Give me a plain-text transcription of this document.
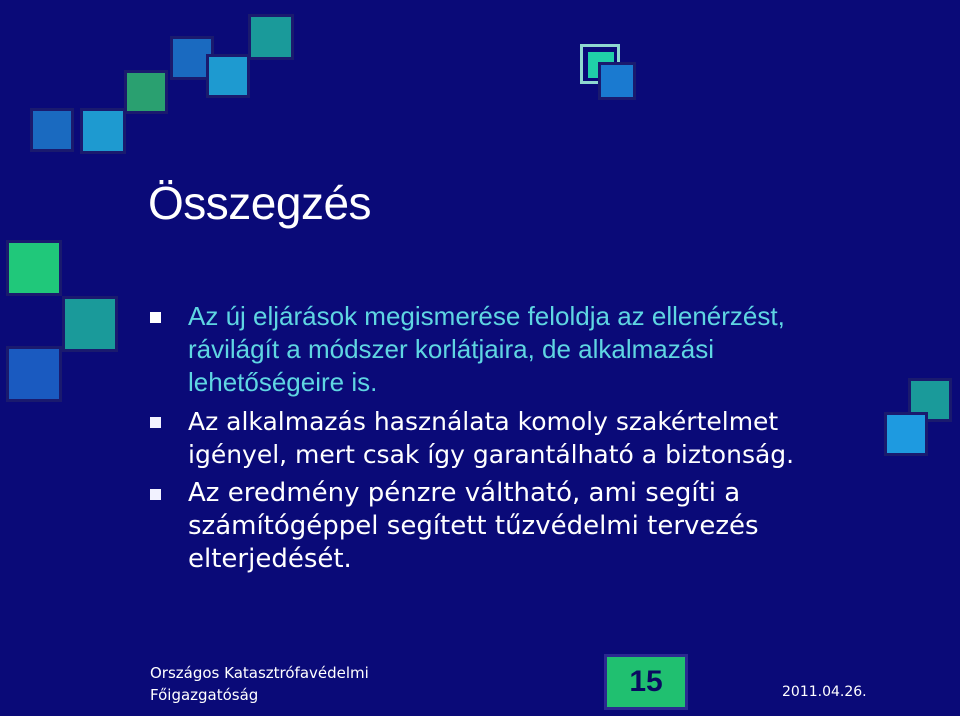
Összegzés
Az új eljárások megismerése feloldja az ellenérzést, rávilágít a módszer korlátjaira, de alkalmazási lehetőségeire is.
Az alkalmazás használata komoly szakértelmet igényel, mert csak így garantálható a biztonság.
Az eredmény pénzre váltható, ami segíti a számítógéppel segített tűzvédelmi tervezés elterjedését.
Országos Katasztrófavédelmi
Főigazgatóság	15	2011.04.26.
